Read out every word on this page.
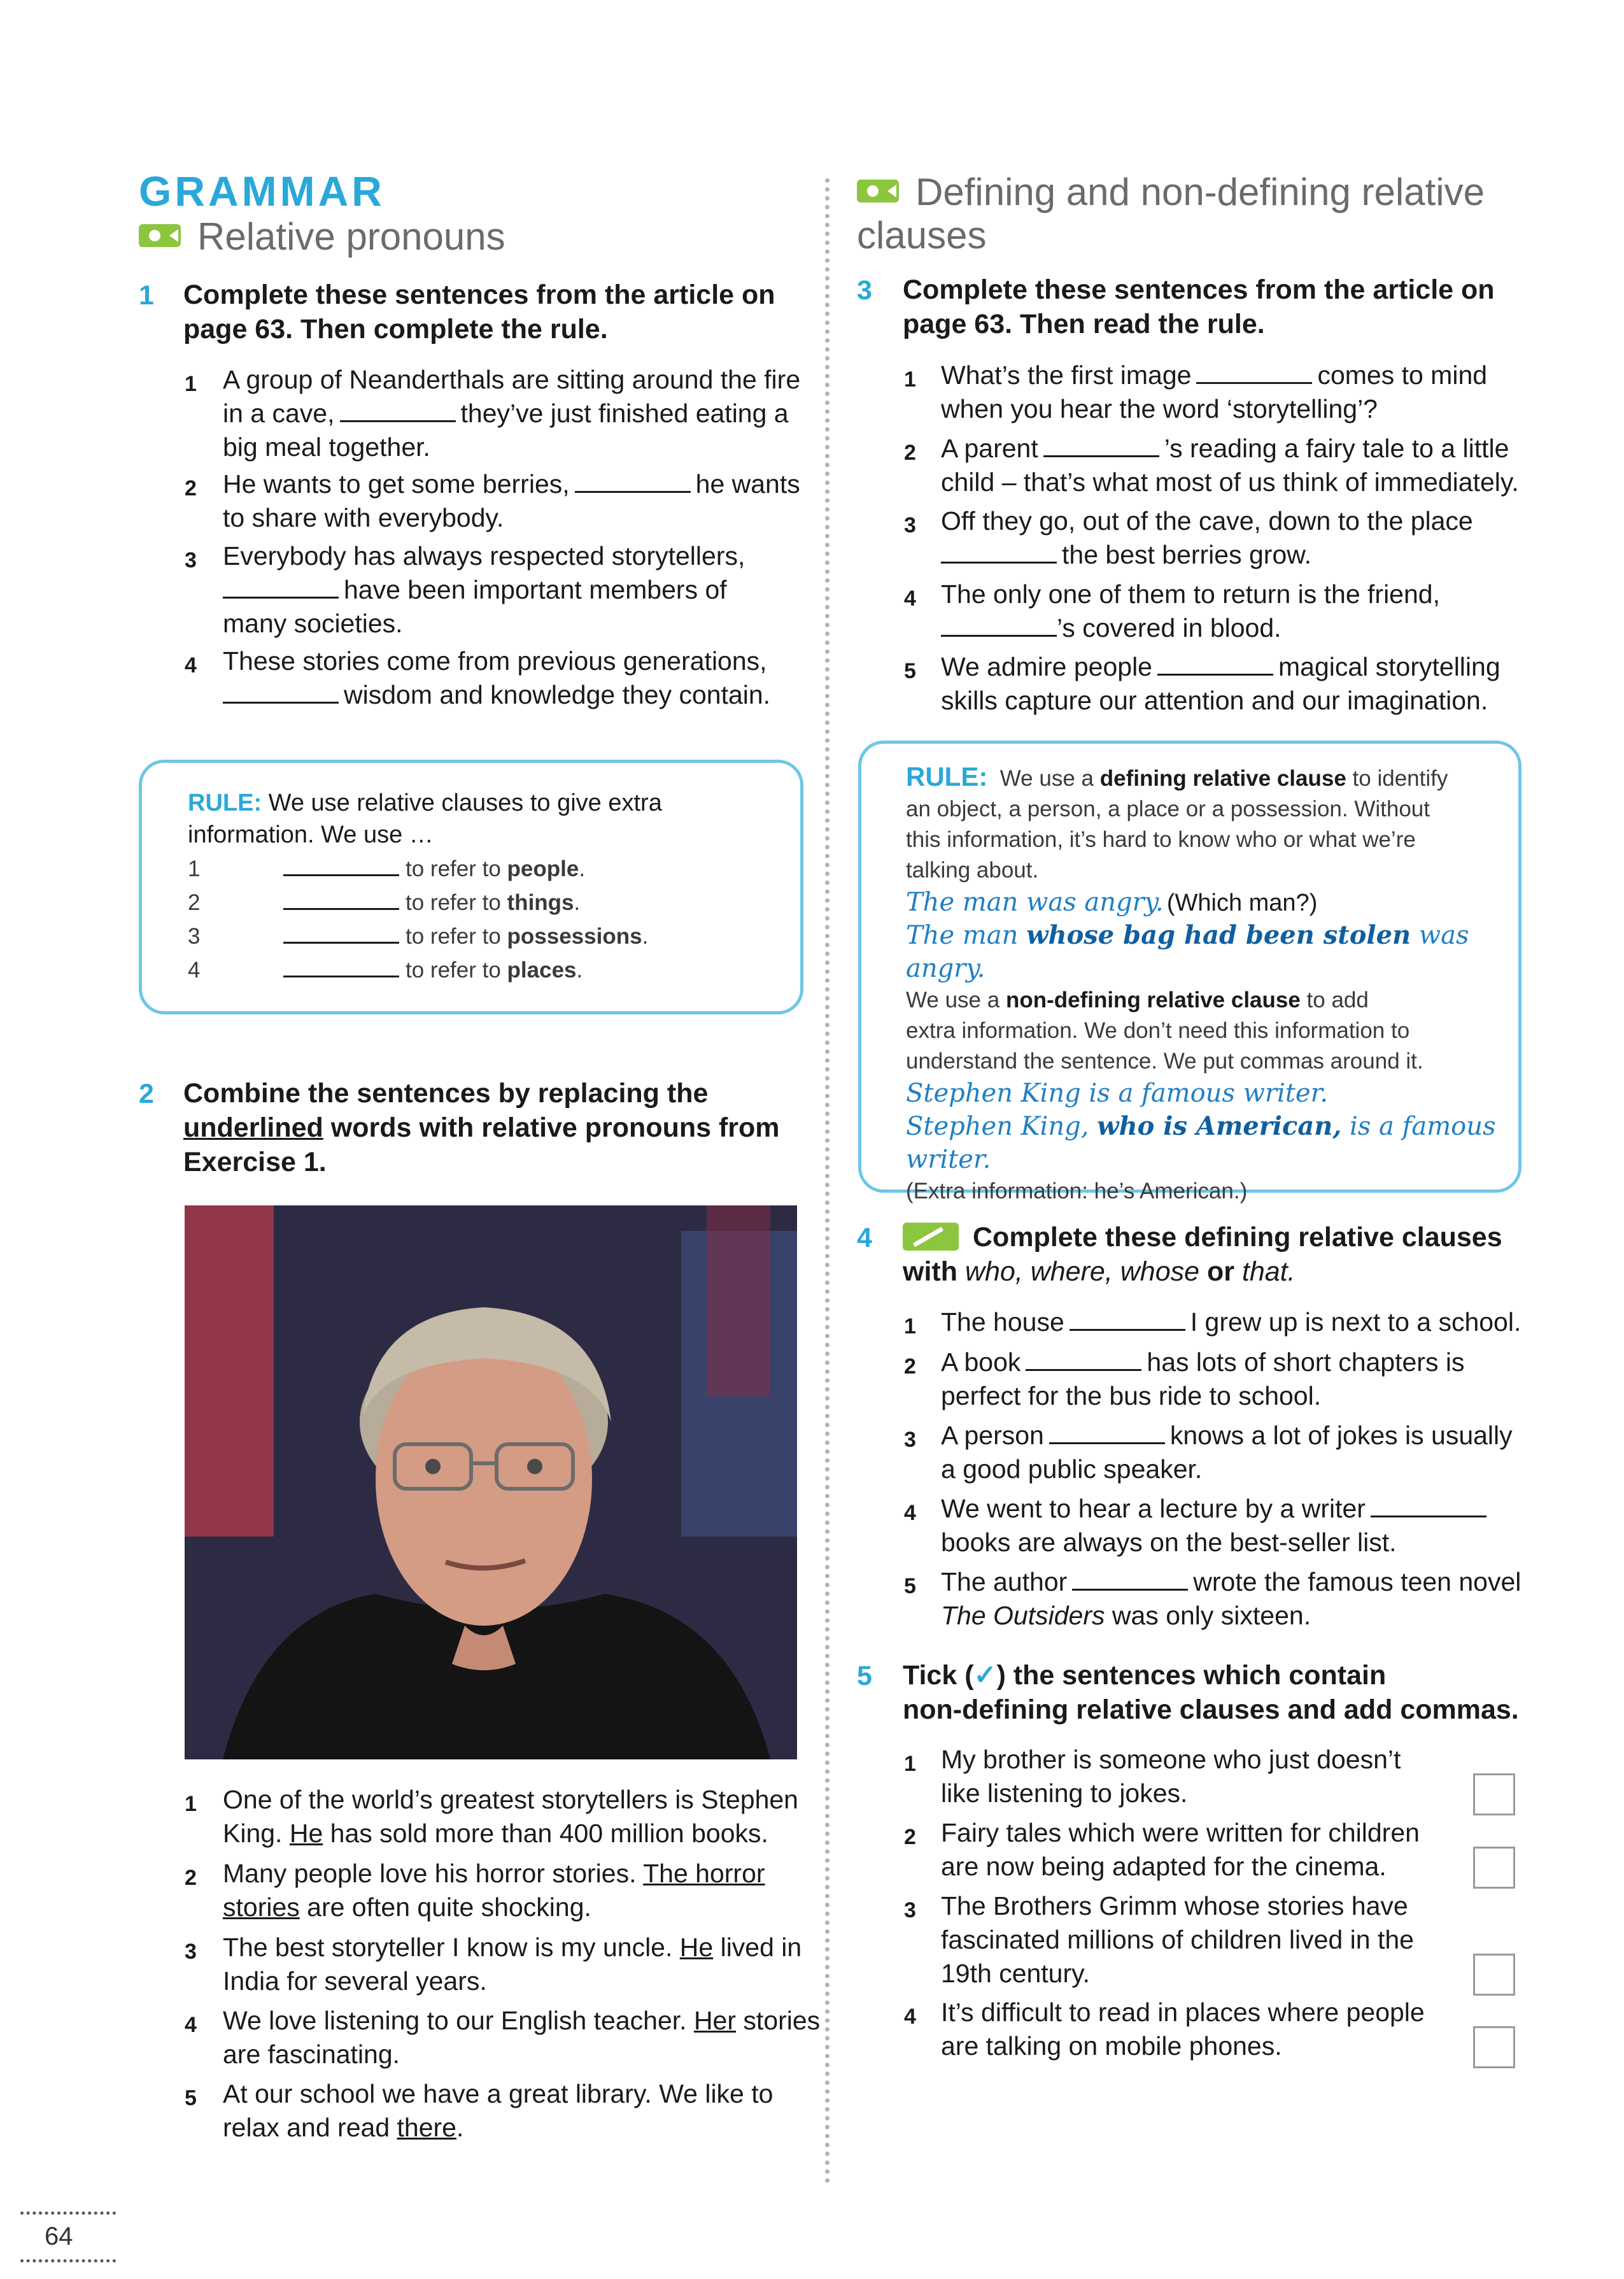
GRAMMAR
Relative pronouns
1 Complete these sentences from the article on
page 63. Then complete the rule.
1 A group of Neanderthals are sitting around the fire
in a cave,	they’ve just finished eating a
big meal together.
2 He wants to get some berries,	he wants
to share with everybody.
3 Everybody has always respected storytellers,
have been important members of
many societies.
4 These stories come from previous generations,
wisdom and knowledge they contain.
RULE: We use relative clauses to give extra
information. We use …
1	to refer to people.
2	to refer to things.
3	to refer to possessions.
4	to refer to places.
2 Combine the sentences by replacing the
underlined words with relative pronouns from
Exercise 1.
1 One of the world’s greatest storytellers is Stephen
King. He has sold more than 400 million books.
2 Many people love his horror stories. The horror
stories are often quite shocking.
3 The best storyteller I know is my uncle. He lived in
India for several years.
4 We love listening to our English teacher. Her stories
are fascinating.
5 At our school we have a great library. We like to
relax and read there.
64
Defining and non-defining relative
clauses
3 Complete these sentences from the article on
page 63. Then read the rule.
1 What’s the first image	comes to mind
when you hear the word ‘storytelling’?
2 A parent	’s reading a fairy tale to a little
child – that’s what most of us think of immediately.
3 Off they go, out of the cave, down to the place
the best berries grow.
4 The only one of them to return is the friend,
’s covered in blood.
5 We admire people	magical storytelling
skills capture our attention and our imagination.
RULE: We use a defining relative clause to identify
an object, a person, a place or a possession. Without
this information, it’s hard to know who or what we’re
talking about.
The man was angry. (Which man?)
The man whose bag had been stolen was angry.
We use a non-defining relative clause to add
extra information. We don’t need this information to
understand the sentence. We put commas around it.
Stephen King is a famous writer.
Stephen King, who is American, is a famous writer.
(Extra information: he’s American.)
4	Complete these defining relative clauses
with who, where, whose or that.
1 The house	I grew up is next to a school.
2 A book	has lots of short chapters is
perfect for the bus ride to school.
3 A person	knows a lot of jokes is usually
a good public speaker.
4 We went to hear a lecture by a writer
books are always on the best-seller list.
5 The author	wrote the famous teen novel
The Outsiders was only sixteen.
5 Tick (✓) the sentences which contain
non-defining relative clauses and add commas.
1 My brother is someone who just doesn’t
like listening to jokes.
2 Fairy tales which were written for children
are now being adapted for the cinema.
3 The Brothers Grimm whose stories have
fascinated millions of children lived in the
19th century.
4 It’s difficult to read in places where people
are talking on mobile phones.
